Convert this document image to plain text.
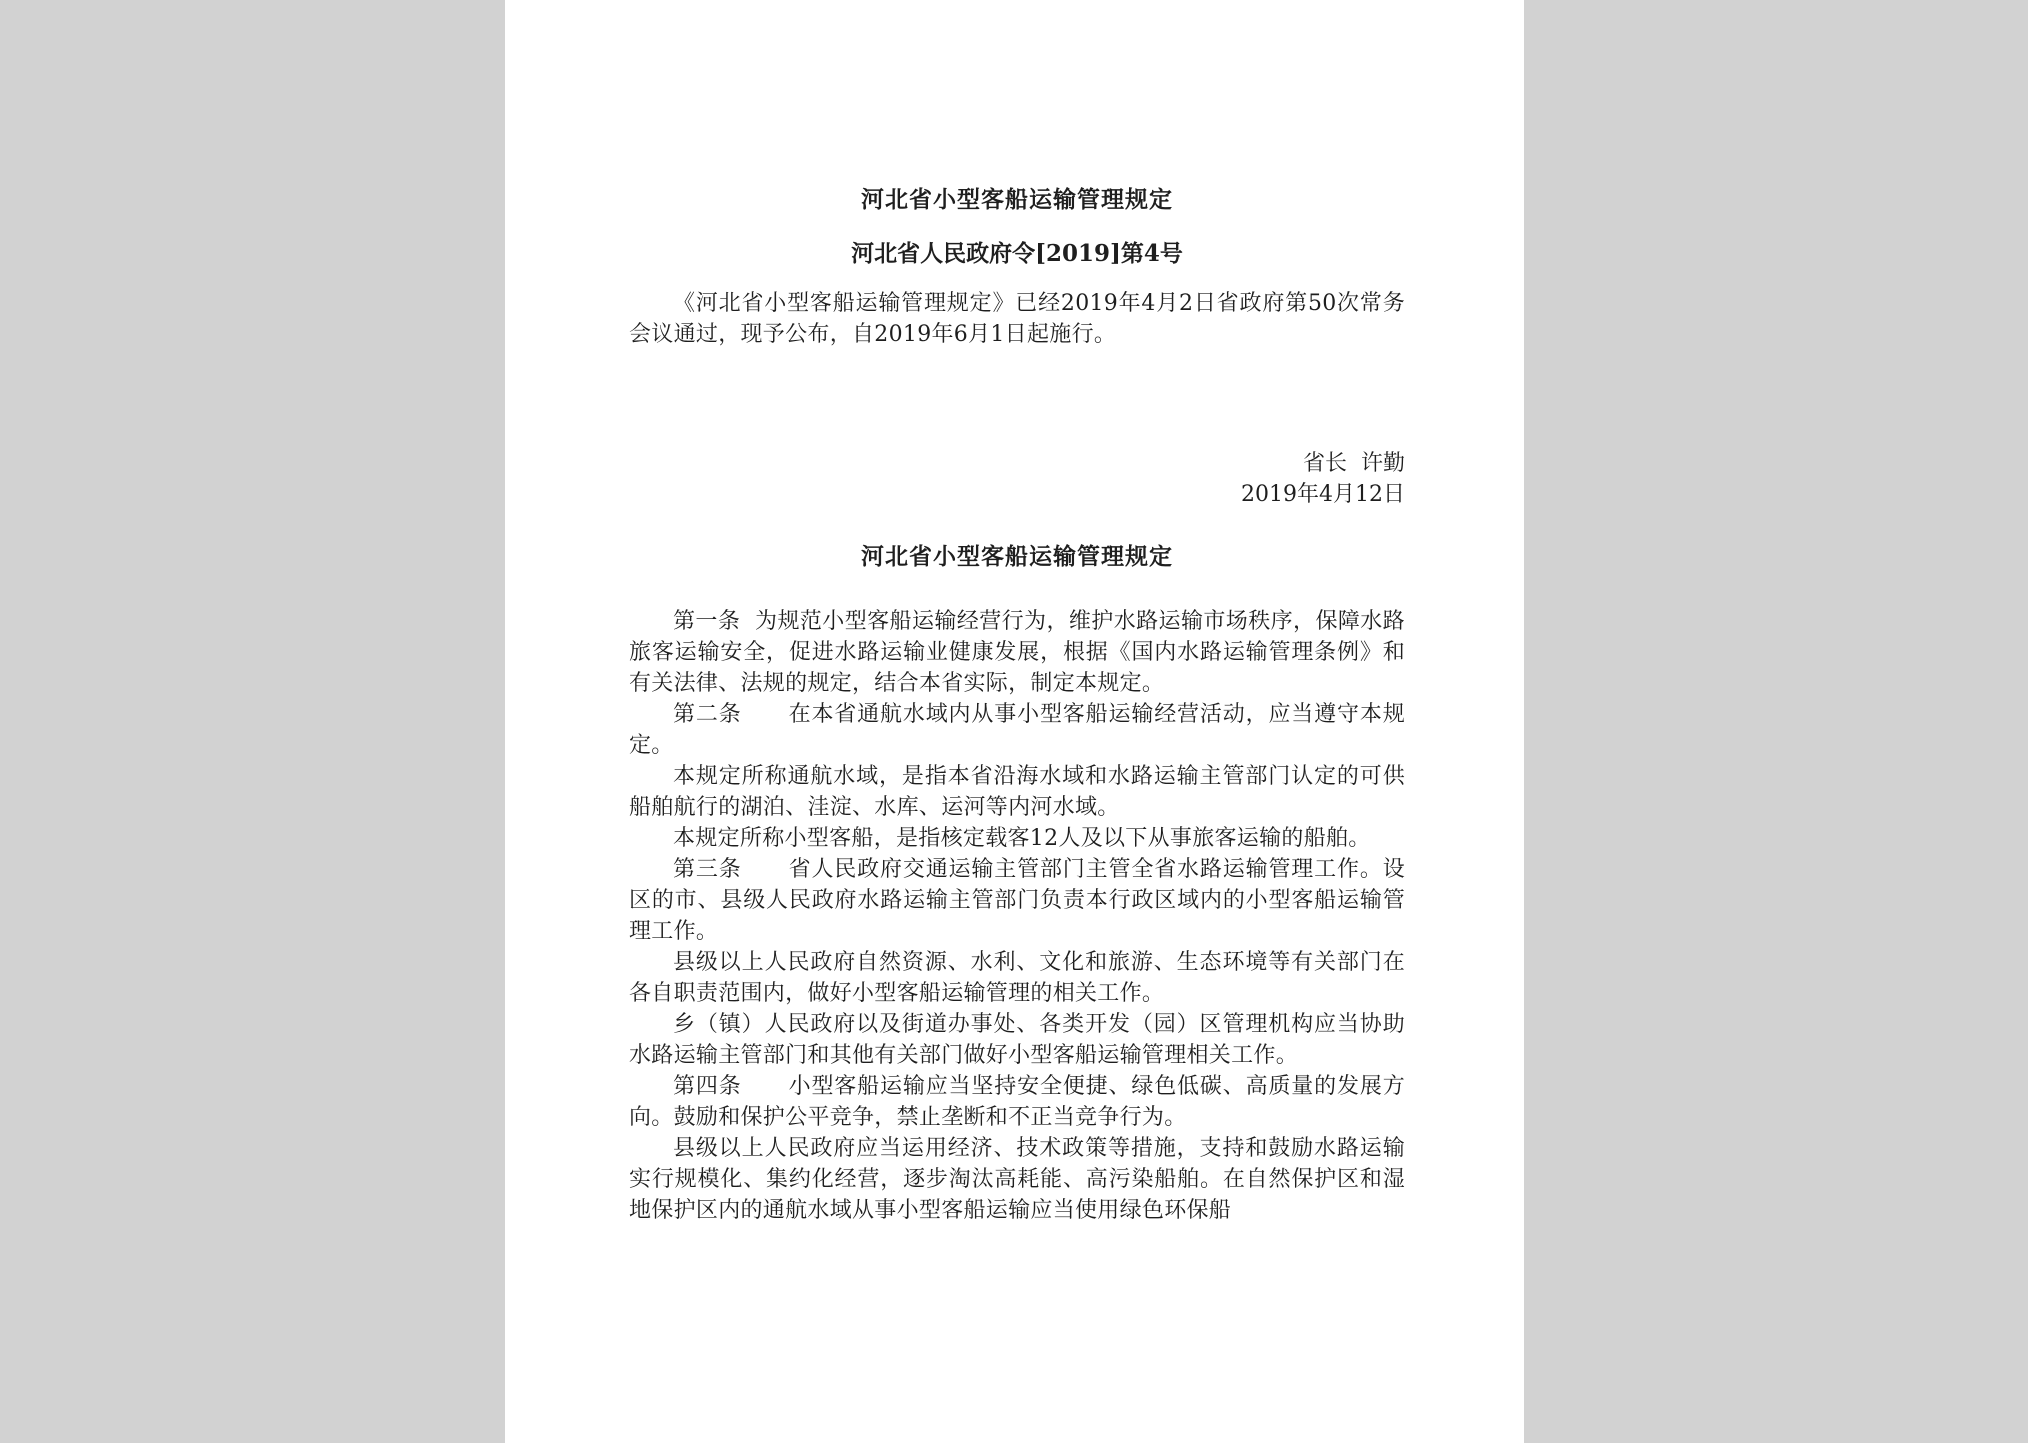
河北省小型客船运输管理规定
河北省人民政府令[2019]第4号

《河北省小型客船运输管理规定》已经2019年4月2日省政府第50次常务会议通过，现予公布，自2019年6月1日起施行。

省长  许勤
2019年4月12日
河北省小型客船运输管理规定

第一条  为规范小型客船运输经营行为，维护水路运输市场秩序，保障水路旅客运输安全，促进水路运输业健康发展，根据《国内水路运输管理条例》和有关法律、法规的规定，结合本省实际，制定本规定。

第二条      在本省通航水域内从事小型客船运输经营活动，应当遵守本规定。

本规定所称通航水域，是指本省沿海水域和水路运输主管部门认定的可供船舶航行的湖泊、洼淀、水库、运河等内河水域。

本规定所称小型客船，是指核定载客12人及以下从事旅客运输的船舶。

第三条      省人民政府交通运输主管部门主管全省水路运输管理工作。设区的市、县级人民政府水路运输主管部门负责本行政区域内的小型客船运输管理工作。

县级以上人民政府自然资源、水利、文化和旅游、生态环境等有关部门在各自职责范围内，做好小型客船运输管理的相关工作。

乡（镇）人民政府以及街道办事处、各类开发（园）区管理机构应当协助水路运输主管部门和其他有关部门做好小型客船运输管理相关工作。

第四条      小型客船运输应当坚持安全便捷、绿色低碳、高质量的发展方向。鼓励和保护公平竞争，禁止垄断和不正当竞争行为。

县级以上人民政府应当运用经济、技术政策等措施，支持和鼓励水路运输实行规模化、集约化经营，逐步淘汰高耗能、高污染船舶。在自然保护区和湿地保护区内的通航水域从事小型客船运输应当使用绿色环保船
